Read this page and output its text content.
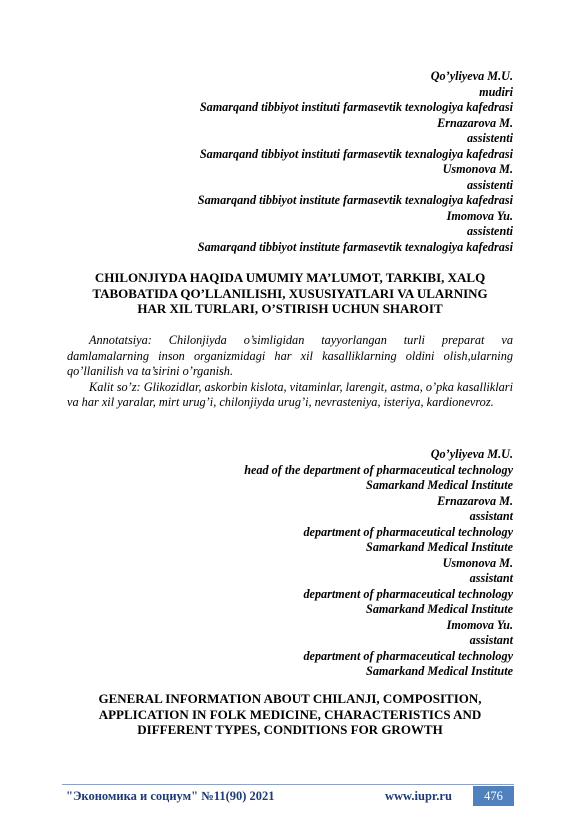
Qo’yliyeva M.U.
mudiri
Samarqand tibbiyot instituti farmasevtik texnologiya kafedrasi
Ernazarova M.
assistenti
Samarqand tibbiyot instituti farmasevtik texnalogiya kafedrasi
Usmonova M.
assistenti
Samarqand tibbiyot institute farmasevtik texnalogiya kafedrasi
Imomova Yu.
assistenti
Samarqand tibbiyot institute farmasevtik texnalogiya kafedrasi
CHILONJIYDA HAQIDA UMUMIY MA’LUMOT, TARKIBI, XALQ
TABOBATIDA QO’LLANILISHI, XUSUSIYATLARI VA ULARNING
HAR XIL TURLARI, O’STIRISH UCHUN SHAROIT

Annotatsiya: Chilonjiyda o’simligidan tayyorlangan turli preparat va damlamalarning inson organizmidagi har xil kasalliklarning oldini olish,ularning qo’llanilish va ta’sirini o’rganish.

Kalit so’z: Glikozidlar, askorbin kislota, vitaminlar, larengit, astma, o’pka kasalliklari va har xil yaralar, mirt urug’i, chilonjiyda urug’i, nevrasteniya, isteriya, kardionevroz.

Qo’yliyeva M.U.
head of the department of pharmaceutical technology
Samarkand Medical Institute
Ernazarova M.
assistant
department of pharmaceutical technology
Samarkand Medical Institute
Usmonova M.
assistant
department of pharmaceutical technology
Samarkand Medical Institute
Imomova Yu.
assistant
department of pharmaceutical technology
Samarkand Medical Institute
GENERAL INFORMATION ABOUT CHILANJI, COMPOSITION,
APPLICATION IN FOLK MEDICINE, CHARACTERISTICS AND
DIFFERENT TYPES, CONDITIONS FOR GROWTH
"Экономика и социум" №11(90) 2021	www.iupr.ru	476
